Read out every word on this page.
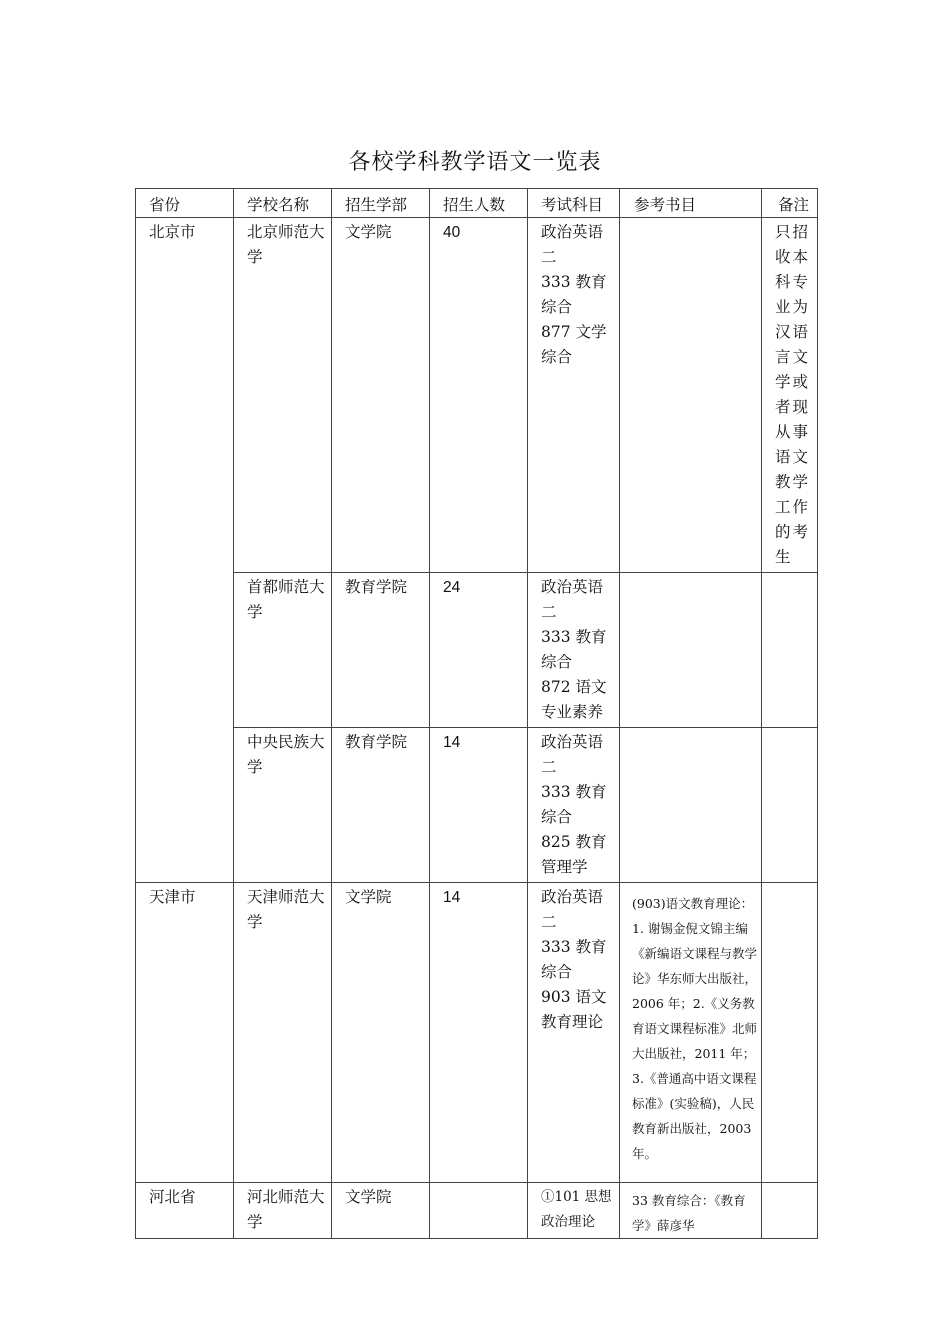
各校学科教学语文一览表
省份	学校名称	招生学部	招生人数	考试科目	参考书目	备注
北京市	北京师范大学	文学院	40	政治英语二
333 教育综合
877 文学综合		只招收本科专业为汉语言文学或者现从事语文教学工作的考生

	首都师范大学	教育学院	24	政治英语二
333 教育综合
872 语文专业素养		

	中央民族大学	教育学院	14	政治英语二
333 教育综合
825 教育管理学		

天津市	天津师范大学	文学院	14	政治英语二
333 教育综合
903 语文教育理论	(903)语文教育理论：1. 谢锡金倪文锦主编《新编语文课程与教学论》华东师大出版社，2006 年；2.《义务教育语文课程标准》北师大出版社，2011 年；3.《普通高中语文课程标准》(实验稿)，人民教育新出版社，2003 年。	
河北省	河北师范大学	文学院		①101 思想政治理论	33 教育综合：《教育学》薛彦华	
